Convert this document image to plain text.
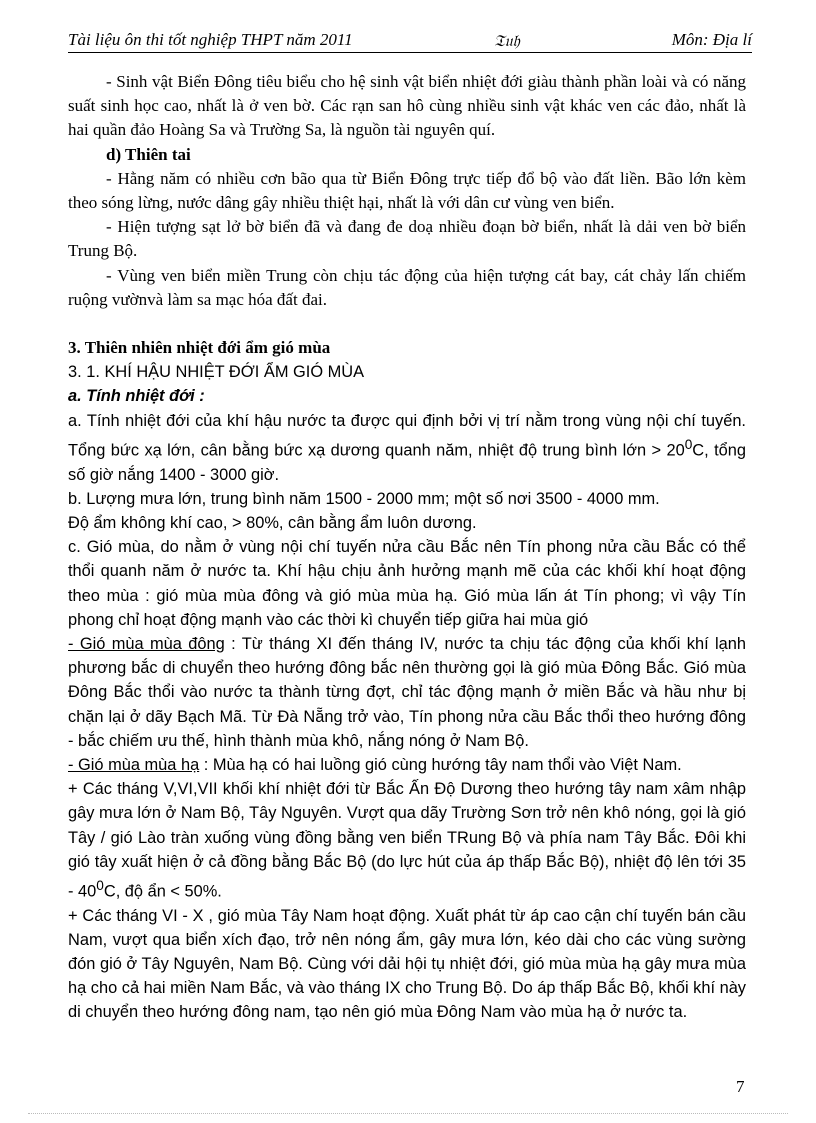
Tài liệu ôn thi tốt nghiệp THPT năm 2011	𝔗𝔲𝔥	Môn: Địa lí

- Sinh vật Biển Đông tiêu biểu cho hệ sinh vật biển nhiệt đới giàu thành phần loài và có năng suất sinh học cao, nhất là ở ven bờ. Các rạn san hô cùng nhiều sinh vật khác ven các đảo, nhất là hai quần đảo Hoàng Sa và Trường Sa, là nguồn tài nguyên quí.

d) Thiên tai

- Hằng năm có nhiều cơn bão qua từ Biển Đông trực tiếp đổ bộ vào đất liền. Bão lớn kèm theo sóng lừng, nước dâng gây nhiều thiệt hại, nhất là với dân cư vùng ven biển.

- Hiện tượng sạt lở bờ biển đã và đang đe doạ nhiều đoạn bờ biển, nhất là dải ven bờ biển Trung Bộ.

- Vùng ven biển miền Trung còn chịu tác động của hiện tượng cát bay, cát chảy lấn chiếm ruộng vườnvà làm sa mạc hóa đất đai.

3. Thiên nhiên nhiệt đới ẩm gió mùa

3. 1. KHÍ HẬU NHIỆT ĐỚI ẨM GIÓ MÙA

a. Tính nhiệt đới :

a. Tính nhiệt đới của khí hậu nước ta được qui định bởi vị trí nằm trong vùng nội chí tuyến. Tổng bức xạ lớn, cân bằng bức xạ dương quanh năm, nhiệt độ trung bình lớn > $20^0C$, tổng số giờ nắng 1400 - 3000 giờ.

b. Lượng mưa lớn, trung bình năm 1500 - 2000 mm; một số nơi 3500 - 4000 mm.

Độ ẩm không khí cao, > 80%, cân bằng ẩm luôn dương.

c. Gió mùa, do nằm ở vùng nội chí tuyến nửa cầu Bắc nên Tín phong nửa cầu Bắc có thể thổi quanh năm ở nước ta. Khí hậu chịu ảnh hưởng mạnh mẽ của các khối khí hoạt động theo mùa : gió mùa mùa đông và gió mùa mùa hạ. Gió mùa lấn át Tín phong; vì vậy Tín phong chỉ hoạt động mạnh vào các thời kì chuyển tiếp giữa hai mùa gió

- Gió mùa mùa đông : Từ tháng XI đến tháng IV, nước ta chịu tác động của khối khí lạnh phương bắc di chuyển theo hướng đông bắc nên thường gọi là gió mùa Đông Bắc. Gió mùa Đông Bắc thổi vào nước ta thành từng đợt, chỉ tác động mạnh ở miền Bắc và hầu như bị chặn lại ở dãy Bạch Mã. Từ Đà Nẵng trở vào, Tín phong nửa cầu Bắc thổi theo hướng đông - bắc chiếm ưu thế, hình thành mùa khô, nắng nóng ở Nam Bộ.

- Gió mùa mùa hạ : Mùa hạ có hai luồng gió cùng hướng tây nam thổi vào Việt Nam.

+ Các tháng V,VI,VII khối khí nhiệt đới từ Bắc Ấn Độ Dương theo hướng tây nam xâm nhập gây mưa lớn ở Nam Bộ, Tây Nguyên. Vượt qua dãy Trường Sơn trở nên khô nóng, gọi là gió Tây / gió Lào tràn xuống vùng đồng bằng ven biển TRung Bộ và phía nam Tây Bắc. Đôi khi gió tây xuất hiện ở cả đồng bằng Bắc Bộ (do lực hút của áp thấp Bắc Bộ), nhiệt độ lên tới $35 - 40^0C$, độ ẩn < 50%.

+ Các tháng VI - X , gió mùa Tây Nam hoạt động. Xuất phát từ áp cao cận chí tuyến bán cầu Nam, vượt qua biển xích đạo, trở nên nóng ẩm, gây mưa lớn, kéo dài cho các vùng sường đón gió ở Tây Nguyên, Nam Bộ. Cùng với dải hội tụ nhiệt đới, gió mùa mùa hạ gây mưa mùa hạ cho cả hai miền Nam Bắc, và vào tháng IX cho Trung Bộ. Do áp thấp Bắc Bộ, khối khí này di chuyển theo hướng đông nam, tạo nên gió mùa Đông Nam vào mùa hạ ở nước ta.

7
